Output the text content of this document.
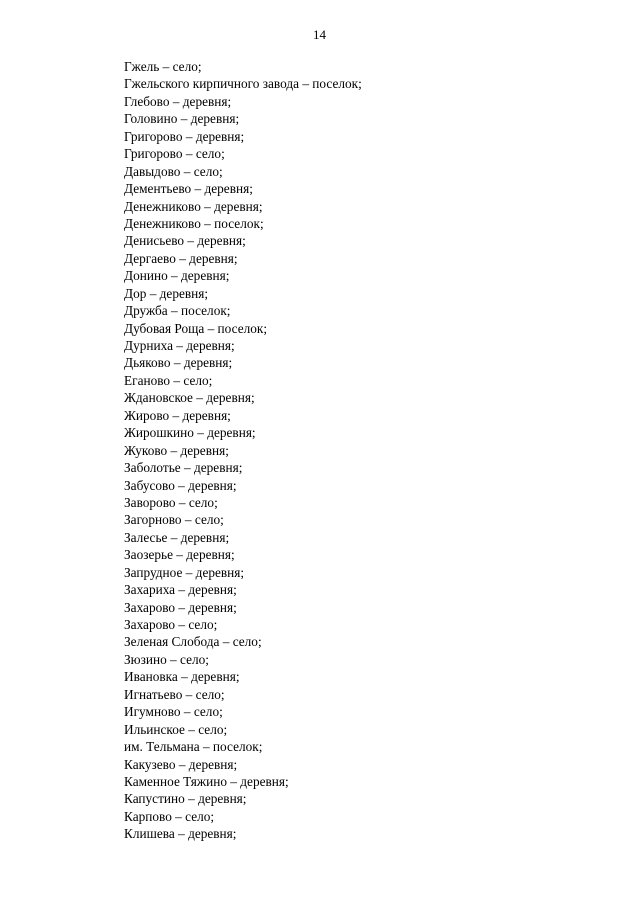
14
Гжель – село;
Гжельского кирпичного завода – поселок;
Глебово – деревня;
Головино – деревня;
Григорово – деревня;
Григорово – село;
Давыдово – село;
Дементьево – деревня;
Денежниково – деревня;
Денежниково – поселок;
Денисьево – деревня;
Дергаево – деревня;
Донино – деревня;
Дор – деревня;
Дружба – поселок;
Дубовая Роща – поселок;
Дурниха – деревня;
Дьяково – деревня;
Еганово – село;
Ждановское – деревня;
Жирово – деревня;
Жирошкино – деревня;
Жуково – деревня;
Заболотье – деревня;
Забусово – деревня;
Заворово – село;
Загорново – село;
Залесье – деревня;
Заозерье – деревня;
Запрудное – деревня;
Захариха – деревня;
Захарово – деревня;
Захарово – село;
Зеленая Слобода – село;
Зюзино – село;
Ивановка – деревня;
Игнатьево – село;
Игумново – село;
Ильинское – село;
им. Тельмана – поселок;
Какузево – деревня;
Каменное Тяжино – деревня;
Капустино – деревня;
Карпово – село;
Клишева – деревня;
